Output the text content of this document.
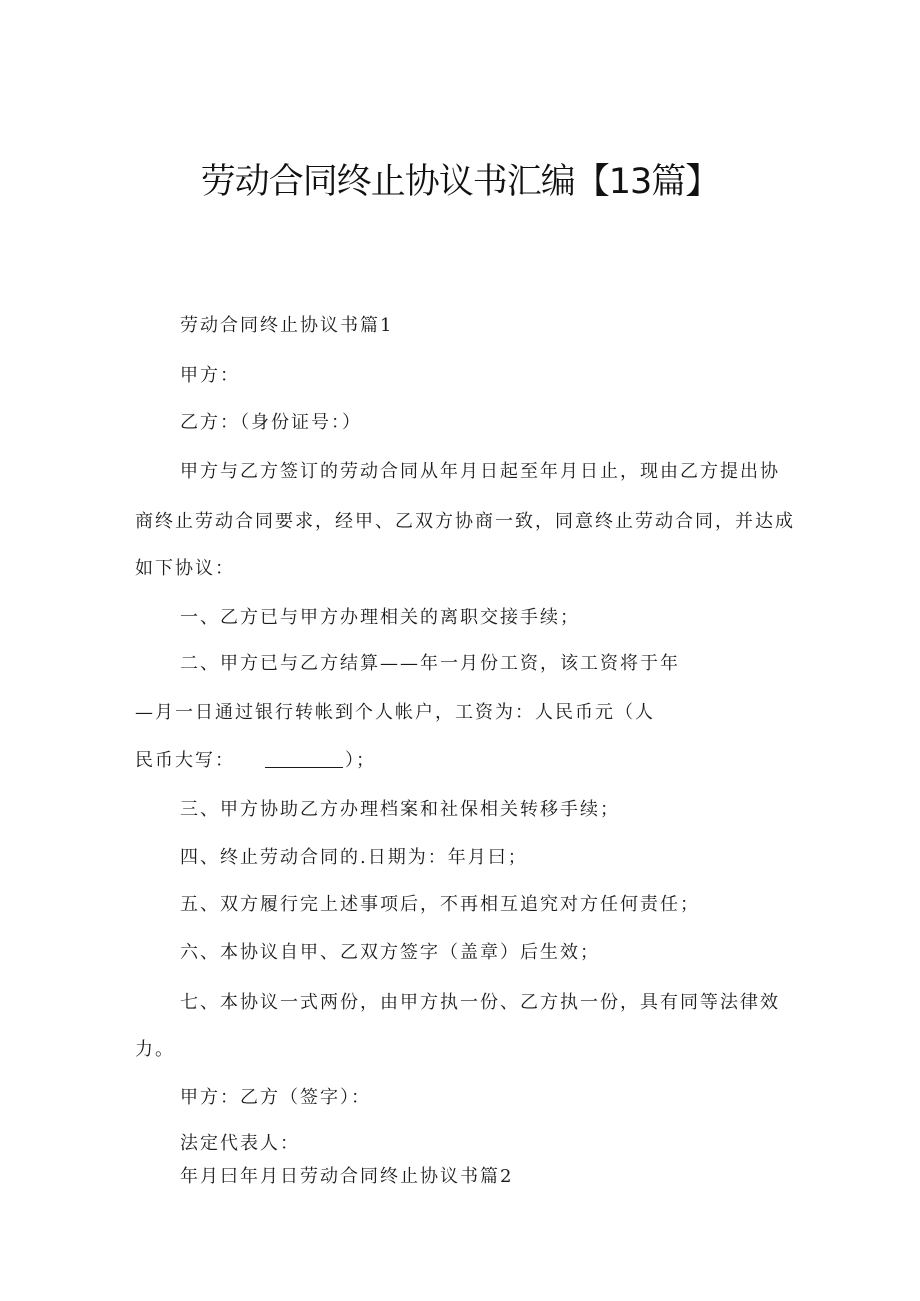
劳动合同终止协议书汇编【13篇】
劳动合同终止协议书篇1
甲方：
乙方：（身份证号：）
甲方与乙方签订的劳动合同从年月日起至年月日止，现由乙方提出协
商终止劳动合同要求，经甲、乙双方协商一致，同意终止劳动合同，并达成
如下协议：
一、乙方已与甲方办理相关的离职交接手续；
二、甲方已与乙方结算——年一月份工资，该工资将于年
—月一日通过银行转帐到个人帐户，工资为：人民币元（人
民币大写：	）；
三、甲方协助乙方办理档案和社保相关转移手续；
四、终止劳动合同的.日期为：年月曰；
五、双方履行完上述事项后，不再相互追究对方任何责任；
六、本协议自甲、乙双方签字（盖章）后生效；
七、本协议一式两份，由甲方执一份、乙方执一份，具有同等法律效
力。
甲方：乙方（签字）：
法定代表人：
年月曰年月日劳动合同终止协议书篇2
